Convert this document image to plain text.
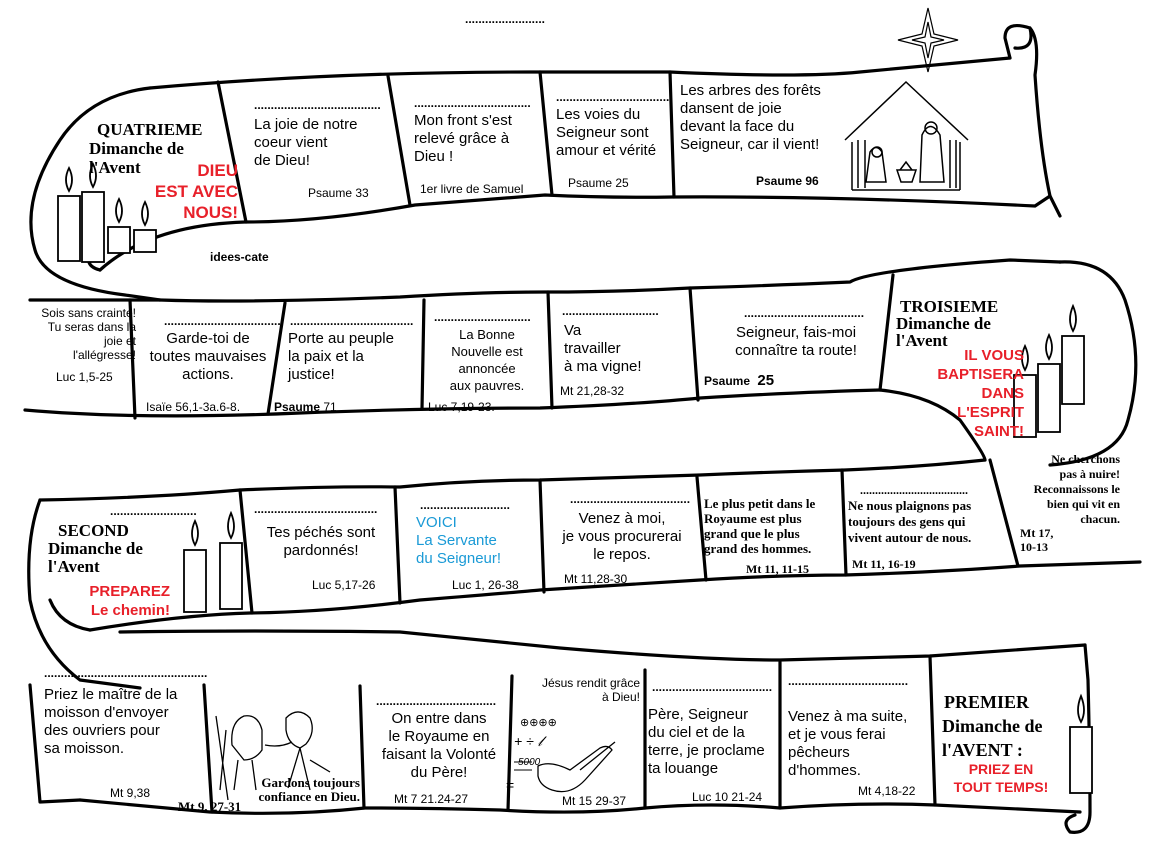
........................
idees-cate
QUATRIEME
Dimanche de
l'Avent	DIEU
EST AVEC
NOUS!
......................................
La joie de notre
coeur vient
de Dieu!
Psaume 33
...................................
Mon front s'est
relevé grâce à
Dieu !
1er livre de Samuel
..................................
Les voies du
Seigneur sont
amour et vérité
Psaume 25
Les arbres des forêts
dansent de joie
devant la face du
Seigneur, car il vient!
Psaume 96
Sois sans crainte!
Tu seras dans la
joie et
l'allégresse!
Luc 1,5-25
...................................
Garde-toi de
toutes mauvaises
actions.
Isaïe 56,1-3a.6-8.
.....................................
Porte au peuple
la paix et la
justice!
Psaume 71
.............................
La Bonne
Nouvelle est
annoncée
aux pauvres.
Luc 7,19-23.
.............................
Va
travailler
à ma vigne!
Mt 21,28-32
....................................
Seigneur, fais-moi
connaître ta route!
Psaume 25
TROISIEME
Dimanche de
l'Avent
IL VOUS
BAPTISERA
DANS
L'ESPRIT
SAINT!
SECOND
Dimanche de
l'Avent
PREPAREZ
Le chemin!
..........................	.....................................
Tes péchés sont
pardonnés!
Luc 5,17-26
...........................
VOICI
La Servante
du Seigneur!
Luc 1, 26-38
....................................
Venez à moi,
je vous procurerai
le repos.
Mt 11,28-30
Le plus petit dans le
Royaume est plus
grand que le plus
grand des hommes.
Mt 11, 11-15
....................................
Ne nous plaignons pas
toujours des gens qui
vivent autour de nous.
Mt 11, 16-19
Ne cherchons
pas à nuire!
Reconnaissons le
bien qui vit en
chacun.
Mt 17,
10-13
.................................................
Priez le maître de la
moisson d'envoyer
des ouvriers pour
sa moisson.
Mt 9,38
Gardons toujours
confiance en Dieu.
Mt 9, 27-31
....................................
On entre dans
le Royaume en
faisant la Volonté
du Père!
Mt 7 21.24-27
Jésus rendit grâce
à Dieu!
⊕⊕⊕⊕
+ ÷ 𝓁
5000
=
Mt 15 29-37
....................................
Père, Seigneur
du ciel et de la
terre, je proclame
ta louange
Luc 10 21-24
....................................
Venez à ma suite,
et je vous ferai
pêcheurs
d'hommes.
Mt 4,18-22
PREMIER
Dimanche de
l'AVENT :
PRIEZ EN
TOUT TEMPS!
